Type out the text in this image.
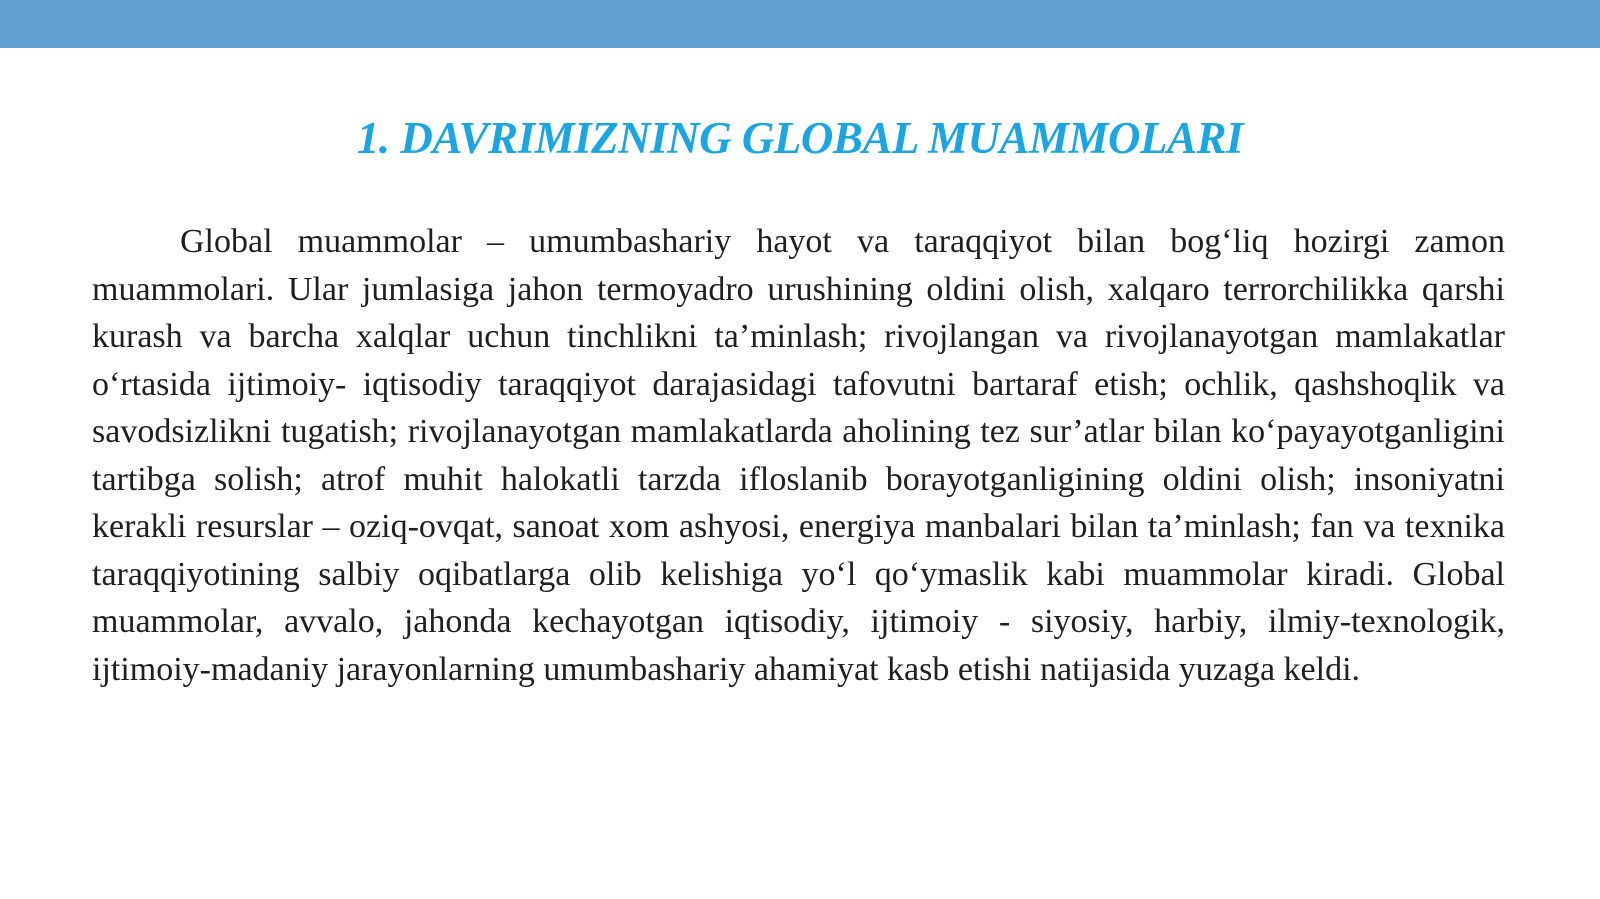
1. DAVRIMIZNING GLOBAL MUAMMOLARI

Global muammolar – umumbashariy hayot va taraqqiyot bilan bog‘liq hozirgi zamon muammolari. Ular jumlasiga jahon termoyadro urushining oldini olish, xalqaro terrorchilikka qarshi kurash va barcha xalqlar uchun tinchlikni ta’minlash; rivojlangan va rivojlanayotgan mamlakatlar o‘rtasida ijtimoiy- iqtisodiy taraqqiyot darajasidagi tafovutni bartaraf etish; ochlik, qashshoqlik va savodsizlikni tugatish; rivojlanayotgan mamlakatlarda aholining tez sur’atlar bilan ko‘payayotganligini tartibga solish; atrof muhit halokatli tarzda ifloslanib borayotganligining oldini olish; insoniyatni kerakli resurslar – oziq-ovqat, sanoat xom ashyosi, energiya manbalari bilan ta’minlash; fan va texnika taraqqiyotining salbiy oqibatlarga olib kelishiga yo‘l qo‘ymaslik kabi muammolar kiradi. Global muammolar, avvalo, jahonda kechayotgan iqtisodiy, ijtimoiy - siyosiy, harbiy, ilmiy-texnologik, ijtimoiy-madaniy jarayonlarning umumbashariy ahamiyat kasb etishi natijasida yuzaga keldi.
